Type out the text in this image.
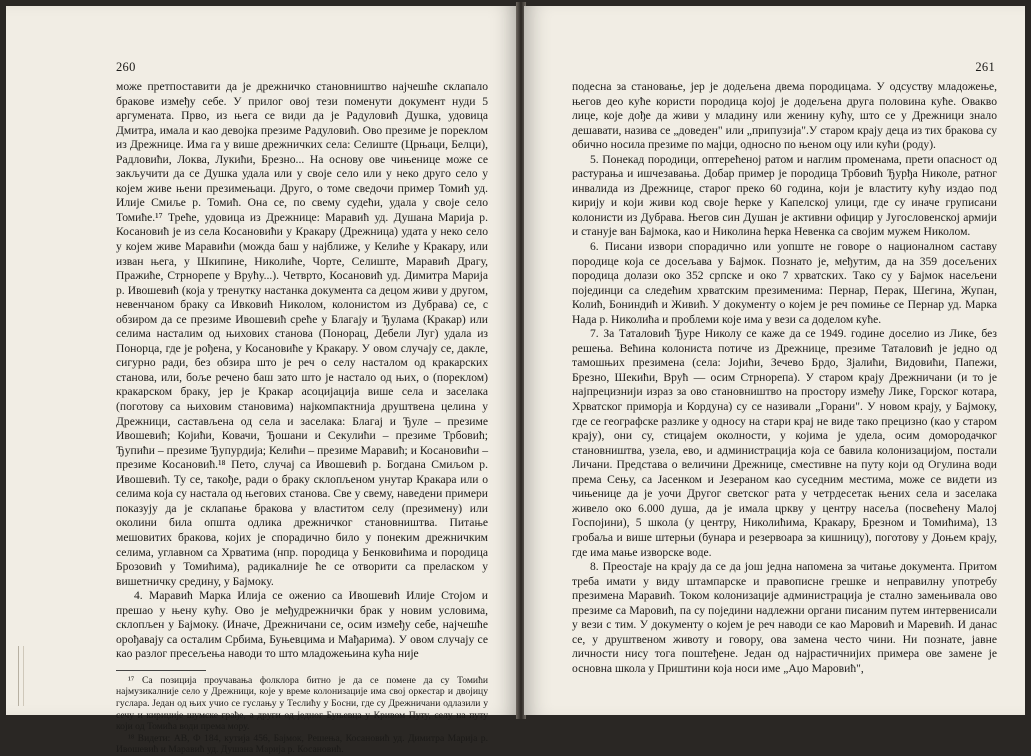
260

може претпоставити да је дрежничко становништво најчешће склапало браковe између себе. У прилог овој тези поменути документ нуди 5 аргумената. Прво, из њега се види да је Радуловић Душка, удовица Дмитра, имала и као девојка презиме Радуловић. Ово презиме је пореклом из Дрежнице. Има га у више дрежничких села: Селиште (Црњаци, Белци), Радловићи, Локва, Лукићи, Брезно... На основу ове чињенице може се закључити да се Душка удала или у своје село или у неко друго село у којем живе њени презимењаци. Друго, о томе сведочи пример Томић уд. Илије Смиље р. Томић. Она се, по свему судећи, удала у своје село Томиће.¹⁷ Треће, удовица из Дрежнице: Маравић уд. Душана Марија р. Косановић је из села Косановићи у Кракару (Дрежница) удата у неко село у којем живе Маравићи (можда баш у најближе, у Келиће у Кракару, или изван њега, у Шкипине, Николиће, Чорте, Селиште, Маравић Драгу, Пражиће, Стрнорепе у Врућу...). Четврто, Косановић уд. Димитра Марија р. Ивошевић (која у тренутку настанка документа са децом живи у другом, невенчаном браку са Ивковић Николом, колонистом из Дубрава) се, с обзиром да се презиме Ивошевић среће у Благају и Ђулама (Кракар) или селима насталим од њихових станова (Понорац, Дебели Луг) удала из Понорца, где је рођена, у Косановиће у Кракару. У овом случају се, дакле, сигурно ради, без обзира што је реч о селу насталом од кракарских станова, или, боље речено баш зато што је настало од њих, о (пореклом) кракарском браку, јер је Кракар асоцијација више села и заселака (поготову са њиховим становима) најкомпактнија друштвена целина у Дрежници, састављена од села и заселака: Благај и Ђуле – презиме Ивошевић; Којићи, Ковачи, Ђошани и Секулићи – презиме Трбовић; Ђупићи – презиме Ђупурдија; Келићи – презиме Маравић; и Косановићи – презиме Косановић.¹⁸ Пето, случај са Ивошевић р. Богдана Смиљом р. Ивошевић. Ту се, такође, ради о браку склопљеном унутар Кракара или о селима која су настала од његових станова. Све у свему, наведени примери показују да је склапање бракова у властитом селу (презимену) или околини била општа одлика дрежничког становништва. Питање мешовитих бракова, којих је спорадично било у понеким дрежничким селима, углавном са Хрватима (нпр. породица у Бенковићима и породица Брозовић у Томићима), радикалније ће се отворити са преласком у вишетничку средину, у Бајмоку.

4. Маравић Марка Илија се оженио са Ивошевић Илије Стојом и прешао у њену кућу. Ово је међудрежнички брак у новим условима, склопљен у Бајмоку. (Иначе, Дрежничани се, осим између себе, најчешће орођавају са осталим Србима, Буњевцима и Мађарима). У овом случају се као разлог пресељења наводи то што младожењина кућа није

¹⁷ Са позиција проучавања фолклора битно је да се помене да су Томићи најмузикалније село у Дрежници, које у време колонизације има свој оркестар и двојицу гуслара. Један од њих учио се гуслању у Теслићу у Босни, где су Дрежничани одлазили у сечу и кириџије шумске грађе, а други од једног Буњевца у Кривом Путу, селу на путу који од Томића води према мору.

¹⁸ Видети: АВ, Ф 184, кутија 456, Бајмок, Решења, Косановић уд. Димитра Марија р. Ивошевић и Маравић уд. Душана Марија р. Косановић.

261

подесна за становање, јер је додељена двема породицама. У одсуству младожење, његов део куће користи породица којој је додељена друга половина куће. Овакво лице, које дође да живи у младину или женину кућу, што се у Дрежници знало дешавати, назива се „доведен" или „припузија".У старом крају деца из тих бракова су обично носила презиме по мајци, односно по њеном оцу или кући (роду).

5. Понекад породици, оптерећеној ратом и наглим променама, прети опасност од растурања и ишчезавања. Добар пример је породица Трбовић Ђурђа Николе, ратног инвалида из Дрежнице, старог преко 60 година, који је властиту кућу издао под кирију и који живи код своје ћерке у Капелској улици, где су иначе груписани колонисти из Дубрава. Његов син Душан је активни официр у Југословенској армији и станује ван Бајмока, као и Николина ћерка Невенка са својим мужем Николом.

6. Писани извори спорадично или уопште не говоре о националном саставу породице која се досељава у Бајмок. Познато је, међутим, да на 359 досељених породица долази око 352 српске и око 7 хрватских. Тако су у Бајмок насељени појединци са следећим хрватским презименима: Пернар, Перак, Шегина, Жупан, Колић, Бониндић и Живић. У документу о којем је реч помиње се Пернар уд. Марка Нада р. Николића и проблеми које има у вези са доделом куће.

7. За Таталовић Ђуре Николу се каже да се 1949. године доселио из Лике, без решења. Већина колониста потиче из Дрежнице, презиме Таталовић је једно од тамошњих презимена (села: Јојићи, Зечево Брдо, Зјалићи, Видовићи, Папежи, Брезно, Шекићи, Врућ — осим Стрнорепа). У старом крају Дрежничани (и то је најпрецизнији израз за ово становништво на простору између Лике, Горског котара, Хрватског приморја и Кордуна) су се називали „Горани". У новом крају, у Бајмоку, где се географске разлике у односу на стари крај не виде тако прецизно (као у старом крају), они су, стицајем околности, у којима је удела, осим домородачког становништва, узела, ево, и администрација која се бавила колонизацијом, постали Личани. Представа о величини Дрежнице, сместивне на путу који од Огулина води према Сењу, са Јасенком и Језераном као суседним местима, може се видети из чињенице да је уочи Другог светског рата у четрдесетак њених села и заселака живело око 6.000 душа, да је имала цркву у центру насеља (посвећену Малој Госпојини), 5 школа (у центру, Николићима, Кракару, Брезном и Томићима), 13 гробаља и више штерњи (бунара и резервоара за кишницу), поготову у Доњем крају, где има мање изворске воде.

8. Преостаје на крају да се да још једна напомена за читање документа. Притом треба имати у виду штампарске и правописне грешке и неправилну употребу презимена Маравић. Током колонизације администрација је стално замењивала ово презиме са Маровић, па су поједини надлежни органи писаним путем интервенисали у вези с тим. У документу о којем је реч наводи се као Маровић и Маревић. И данас се, у друштвеном животу и говору, ова замена често чини. Ни познате, јавне личности нису тога поштеђене. Један од најрастичнијих примера ове замене је основна школа у Приштини која носи име „Аџо Маровић",
